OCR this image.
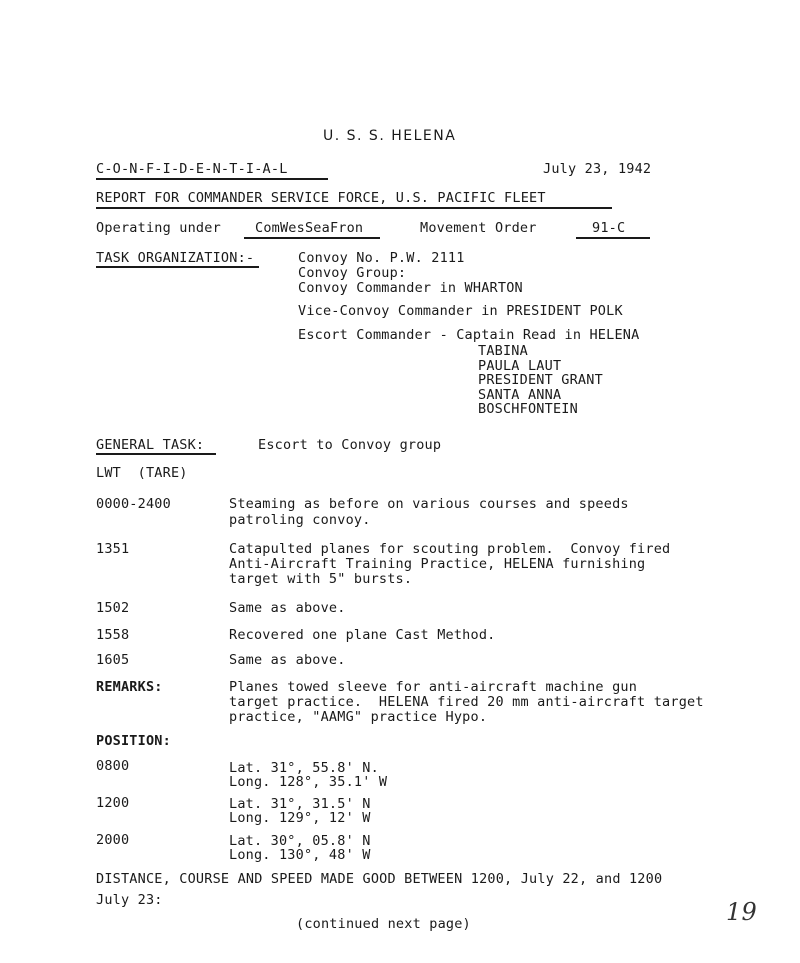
U. S. S. HELENA
C-O-N-F-I-D-E-N-T-I-A-L	July 23, 1942
REPORT FOR COMMANDER SERVICE FORCE, U.S. PACIFIC FLEET
Operating under	ComWesSeaFron	Movement Order	91-C
TASK ORGANIZATION:-	Convoy No. P.W. 2111
Convoy Group:
Convoy Commander in WHARTON
Vice-Convoy Commander in PRESIDENT POLK
Escort Commander - Captain Read in HELENA
TABINA
PAULA LAUT
PRESIDENT GRANT
SANTA ANNA
BOSCHFONTEIN
GENERAL TASK:	Escort to Convoy group
LWT  (TARE)
0000-2400	Steaming as before on various courses and speeds
patroling convoy.
1351	Catapulted planes for scouting problem.  Convoy fired
Anti-Aircraft Training Practice, HELENA furnishing
target with 5" bursts.
1502	Same as above.
1558	Recovered one plane Cast Method.
1605	Same as above.
REMARKS:	Planes towed sleeve for anti-aircraft machine gun
target practice.  HELENA fired 20 mm anti-aircraft target
practice, "AAMG" practice Hypo.
POSITION:
0800	Lat. 31°, 55.8' N.
Long. 128°, 35.1' W
1200	Lat. 31°, 31.5' N
Long. 129°, 12' W
2000	Lat. 30°, 05.8' N
Long. 130°, 48' W
DISTANCE, COURSE AND SPEED MADE GOOD BETWEEN 1200, July 22, and 1200
July 23:
(continued next page)	19
